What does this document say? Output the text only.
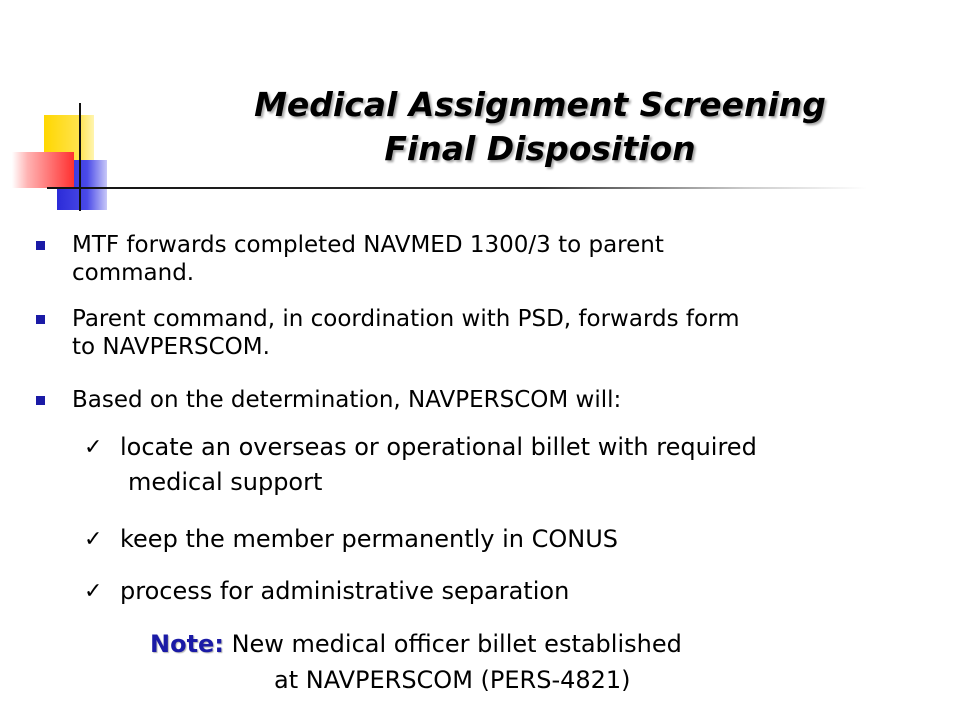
Medical Assignment Screening
Final Disposition
MTF forwards completed NAVMED 1300/3 to parent
command.
Parent command, in coordination with PSD, forwards form
to NAVPERSCOM.
Based on the determination, NAVPERSCOM will:
✓ locate an overseas or operational billet with required
medical support
✓ keep the member permanently in CONUS
✓ process for administrative separation
Note: New medical officer billet established
at NAVPERSCOM (PERS-4821)
